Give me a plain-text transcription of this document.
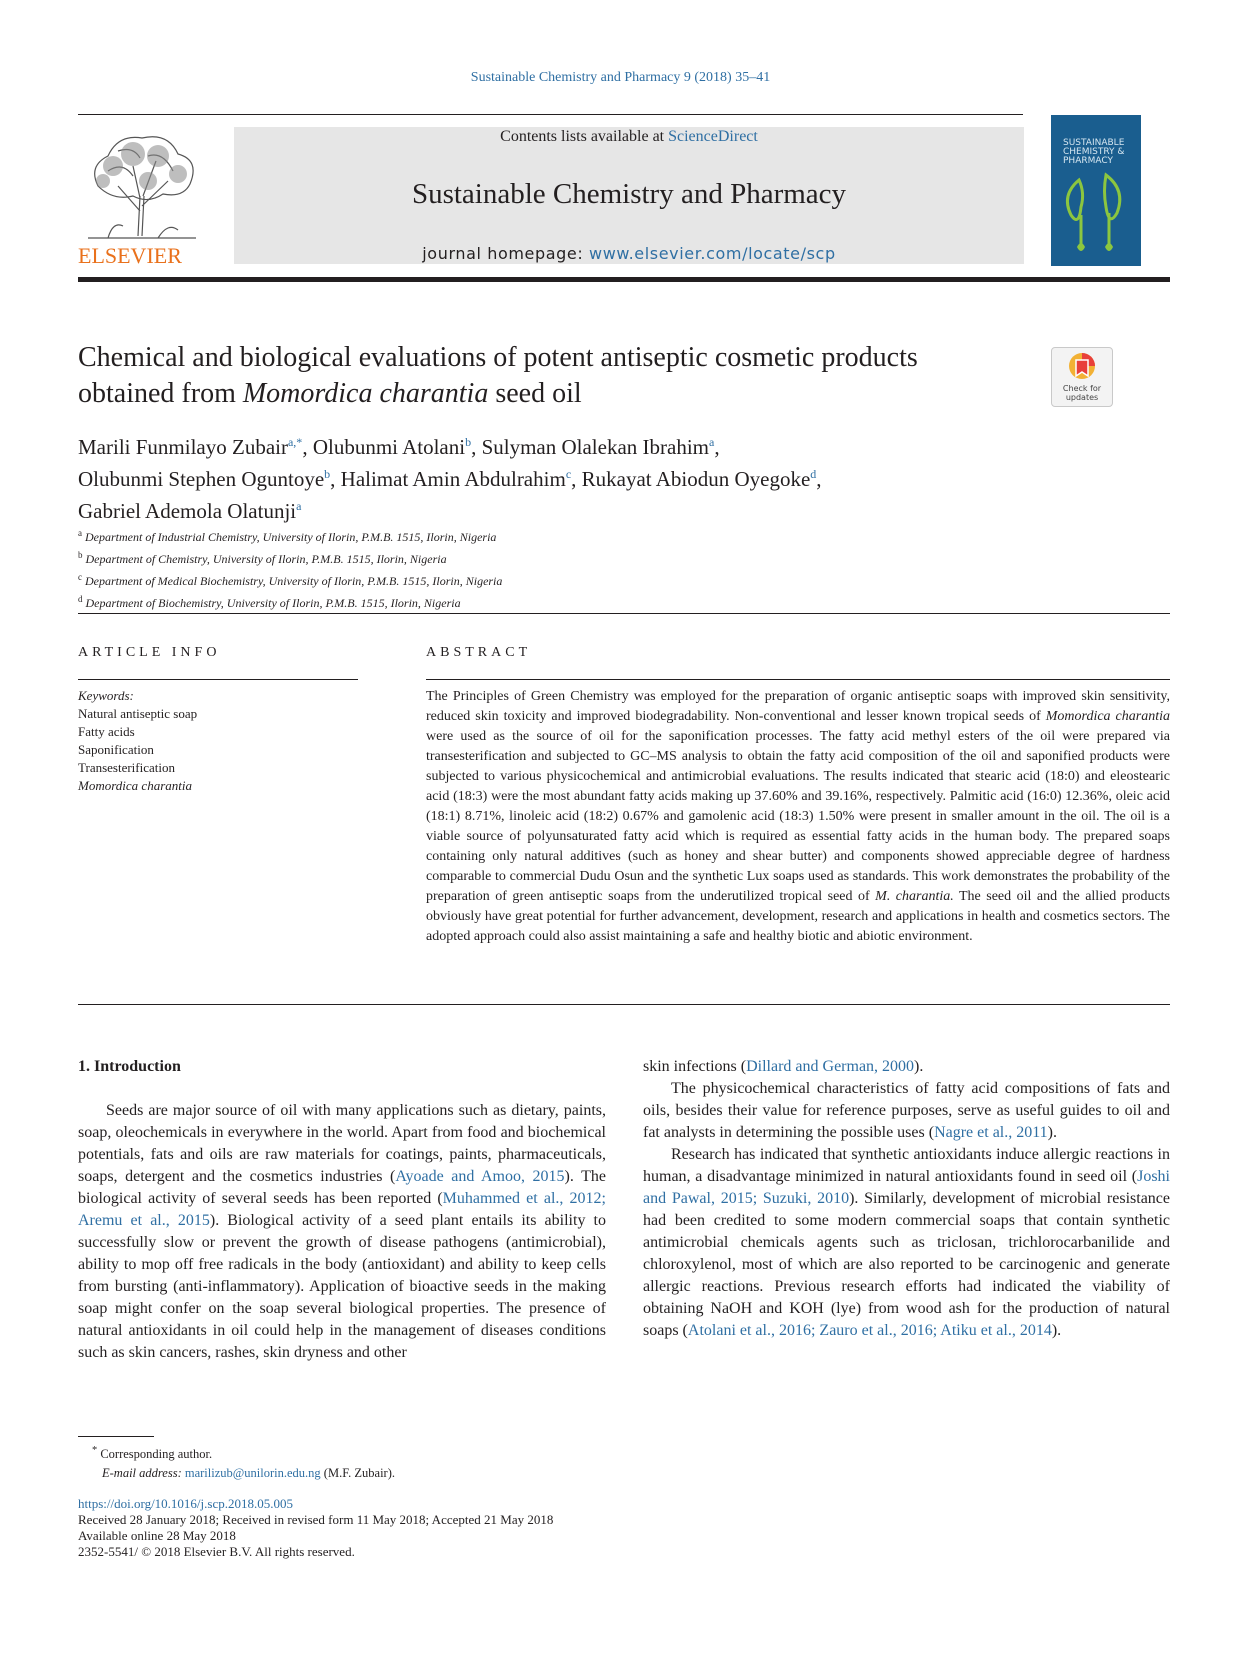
Sustainable Chemistry and Pharmacy 9 (2018) 35–41
ELSEVIER
Contents lists available at ScienceDirect
Sustainable Chemistry and Pharmacy
journal homepage: www.elsevier.com/locate/scp
SUSTAINABLE CHEMISTRY & PHARMACY
Chemical and biological evaluations of potent antiseptic cosmetic products
obtained from Momordica charantia seed oil	Check for updates
Marili Funmilayo Zubair$^{a,*}$, Olubunmi Atolani$^b$, Sulyman Olalekan Ibrahim$^a$,
Olubunmi Stephen Oguntoye$^b$, Halimat Amin Abdulrahim$^c$, Rukayat Abiodun Oyegoke$^d$,
Gabriel Ademola Olatunji$^a$
$^a$ Department of Industrial Chemistry, University of Ilorin, P.M.B. 1515, Ilorin, Nigeria
$^b$ Department of Chemistry, University of Ilorin, P.M.B. 1515, Ilorin, Nigeria
$^c$ Department of Medical Biochemistry, University of Ilorin, P.M.B. 1515, Ilorin, Nigeria
$^d$ Department of Biochemistry, University of Ilorin, P.M.B. 1515, Ilorin, Nigeria
ARTICLE INFO	ABSTRACT
Keywords:
Natural antiseptic soap
Fatty acids
Saponification
Transesterification
Momordica charantia
The Principles of Green Chemistry was employed for the preparation of organic antiseptic soaps with improved skin sensitivity, reduced skin toxicity and improved biodegradability. Non-conventional and lesser known tropical seeds of Momordica charantia were used as the source of oil for the saponification processes. The fatty acid methyl esters of the oil were prepared via transesterification and subjected to GC–MS analysis to obtain the fatty acid composition of the oil and saponified products were subjected to various physicochemical and antimicrobial evaluations. The results indicated that stearic acid (18:0) and eleostearic acid (18:3) were the most abundant fatty acids making up 37.60% and 39.16%, respectively. Palmitic acid (16:0) 12.36%, oleic acid (18:1) 8.71%, linoleic acid (18:2) 0.67% and gamolenic acid (18:3) 1.50% were present in smaller amount in the oil. The oil is a viable source of polyunsaturated fatty acid which is required as essential fatty acids in the human body. The prepared soaps containing only natural additives (such as honey and shear butter) and components showed appreciable degree of hardness comparable to commercial Dudu Osun and the synthetic Lux soaps used as standards. This work demonstrates the probability of the preparation of green antiseptic soaps from the underutilized tropical seed of M. charantia. The seed oil and the allied products obviously have great potential for further advancement, development, research and applications in health and cosmetics sectors. The adopted approach could also assist maintaining a safe and healthy biotic and abiotic environment.
1. Introduction

Seeds are major source of oil with many applications such as dietary, paints, soap, oleochemicals in everywhere in the world. Apart from food and biochemical potentials, fats and oils are raw materials for coatings, paints, pharmaceuticals, soaps, detergent and the cosmetics industries (Ayoade and Amoo, 2015). The biological activity of several seeds has been reported (Muhammed et al., 2012; Aremu et al., 2015). Biological activity of a seed plant entails its ability to successfully slow or prevent the growth of disease pathogens (antimicrobial), ability to mop off free radicals in the body (antioxidant) and ability to keep cells from bursting (anti-inflammatory). Application of bioactive seeds in the making soap might confer on the soap several biological properties. The presence of natural antioxidants in oil could help in the management of diseases conditions such as skin cancers, rashes, skin dryness and other

skin infections (Dillard and German, 2000).

The physicochemical characteristics of fatty acid compositions of fats and oils, besides their value for reference purposes, serve as useful guides to oil and fat analysts in determining the possible uses (Nagre et al., 2011).

Research has indicated that synthetic antioxidants induce allergic reactions in human, a disadvantage minimized in natural antioxidants found in seed oil (Joshi and Pawal, 2015; Suzuki, 2010). Similarly, development of microbial resistance had been credited to some modern commercial soaps that contain synthetic antimicrobial chemicals agents such as triclosan, trichlorocarbanilide and chloroxylenol, most of which are also reported to be carcinogenic and generate allergic reactions. Previous research efforts had indicated the viability of obtaining NaOH and KOH (lye) from wood ash for the production of natural soaps (Atolani et al., 2016; Zauro et al., 2016; Atiku et al., 2014).

* Corresponding author.
E-mail address: marilizub@unilorin.edu.ng (M.F. Zubair).
https://doi.org/10.1016/j.scp.2018.05.005
Received 28 January 2018; Received in revised form 11 May 2018; Accepted 21 May 2018
Available online 28 May 2018
2352-5541/ © 2018 Elsevier B.V. All rights reserved.
